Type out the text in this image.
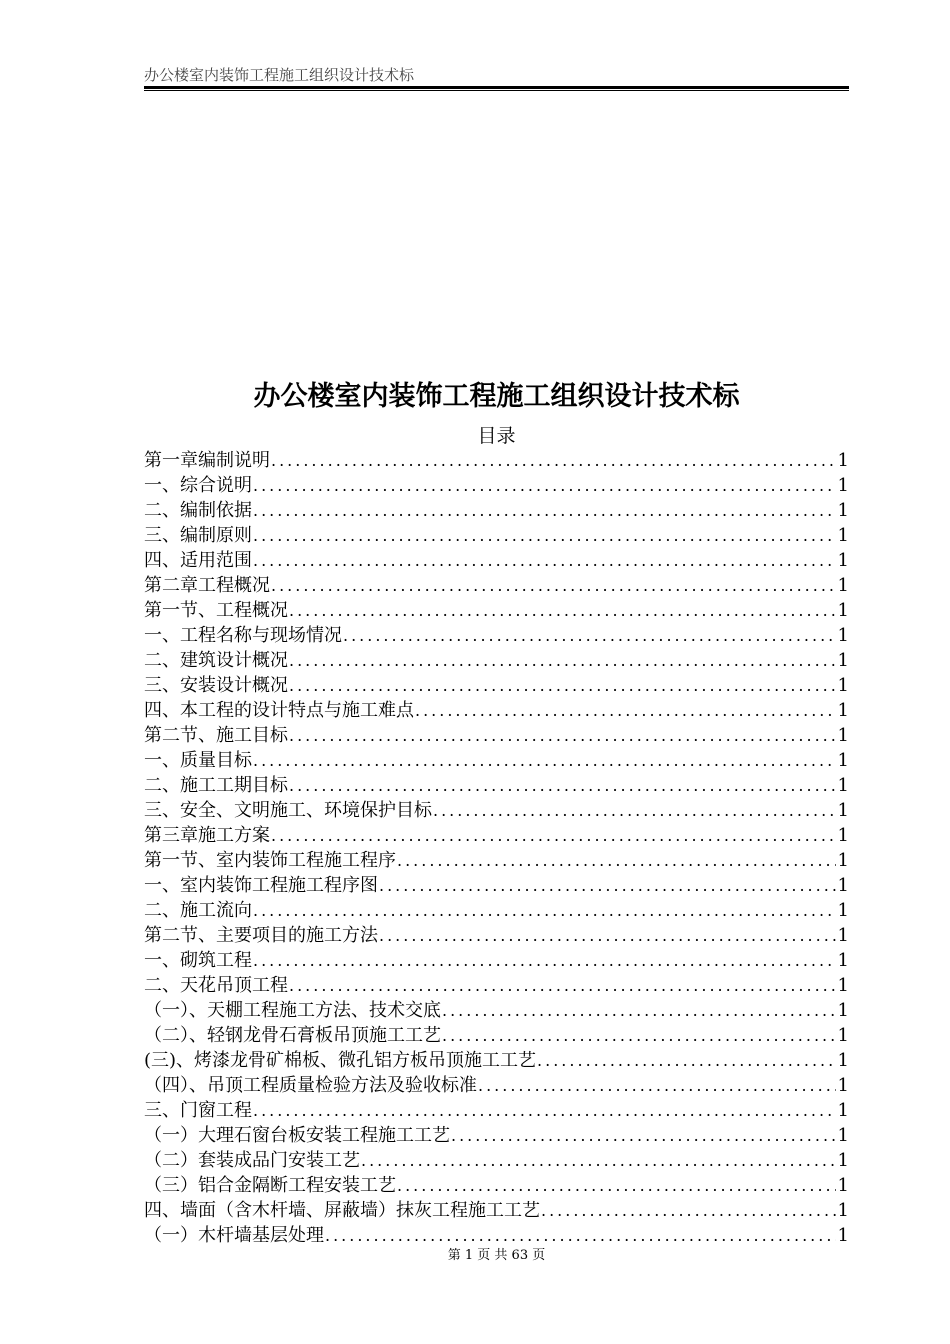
办公楼室内装饰工程施工组织设计技术标
办公楼室内装饰工程施工组织设计技术标
目录
第一章编制说明 .....	1
一、综合说明 .....	1
二、编制依据 .....	1
三、编制原则 .....	1
四、适用范围 .....	1
第二章工程概况 .....	1
第一节、工程概况 .....	1
一、工程名称与现场情况 .....	1
二、建筑设计概况 .....	1
三、安装设计概况 .....	1
四、本工程的设计特点与施工难点 .....	1
第二节、施工目标 .....	1
一、质量目标 .....	1
二、施工工期目标 .....	1
三、安全、文明施工、环境保护目标 .....	1
第三章施工方案 .....	1
第一节、室内装饰工程施工程序 .....	1
一、室内装饰工程施工程序图 .....	1
二、施工流向 .....	1
第二节、主要项目的施工方法 .....	1
一、砌筑工程 .....	1
二、天花吊顶工程 .....	1
（一）、天棚工程施工方法、技术交底 .....	1
（二）、轻钢龙骨石膏板吊顶施工工艺 .....	1
(三)、烤漆龙骨矿棉板、微孔铝方板吊顶施工工艺 .....	1
（四）、吊顶工程质量检验方法及验收标准 .....	1
三、门窗工程 .....	1
（一）大理石窗台板安装工程施工工艺 .....	1
（二）套装成品门安装工艺 .....	1
（三）铝合金隔断工程安装工艺 .....	1
四、墙面（含木杆墙、屏蔽墙）抹灰工程施工工艺 .....	1
（一）木杆墙基层处理 .....	1
第 1 页 共 63 页
